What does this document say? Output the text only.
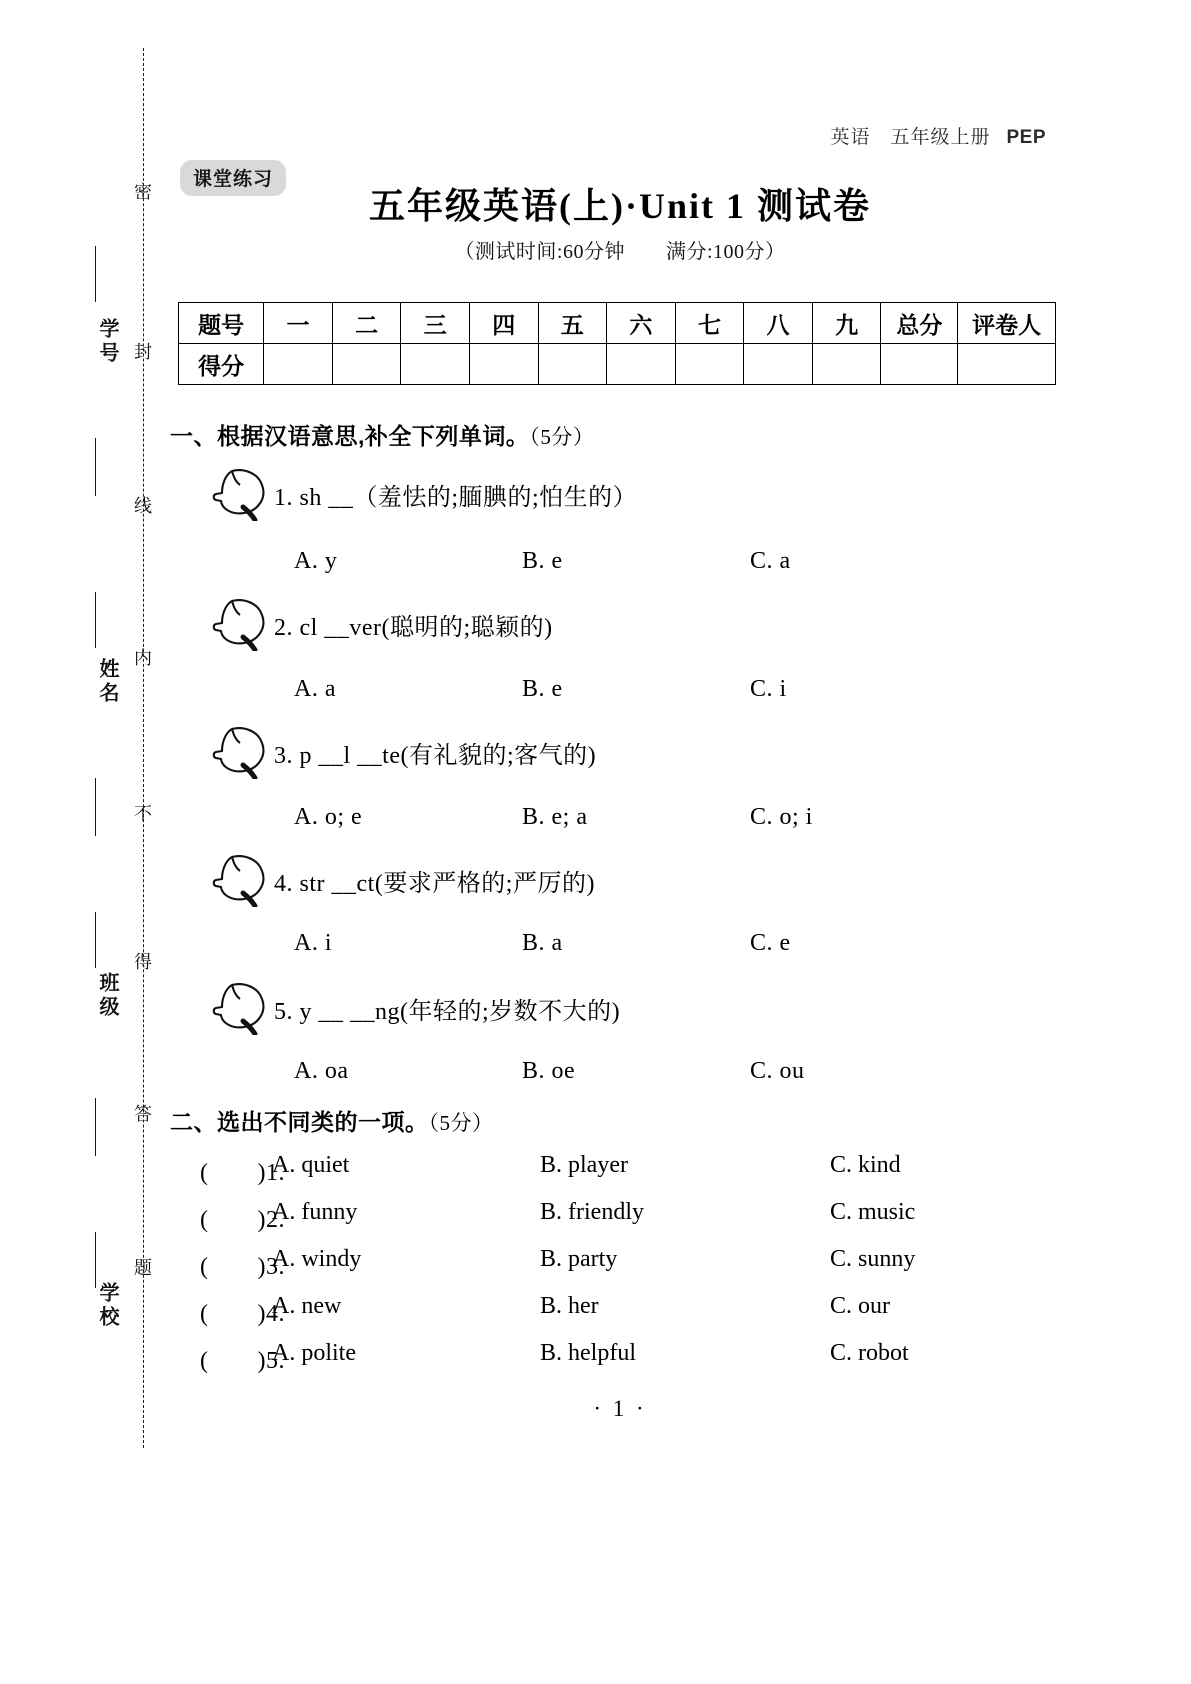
密
封
线
内
不
得
答
题
学号
姓名
班级
学校
英语　五年级上册 PEP
课堂练习
五年级英语(上)·Unit 1 测试卷
（测试时间:60分钟　　满分:100分）
题号	一	二	三	四	五	六	七	八	九	总分	评卷人
得分											
一、根据汉语意思,补全下列单词。（5分）
1. sh __（羞怯的;腼腆的;怕生的）
A. y	B. e	C. a
2. cl __ver(聪明的;聪颖的)
A. a	B. e	C. i
3. p __l __te(有礼貌的;客气的)
A. o; e	B. e; a	C. o; i
4. str __ct(要求严格的;严厉的)
A. i	B. a	C. e
5. y __ __ng(年轻的;岁数不大的)
A. oa	B. oe	C. ou
二、选出不同类的一项。（5分）
(　　)1.
A. quiet	B. player	C. kind
(　　)2.
A. funny	B. friendly	C. music
(　　)3.
A. windy	B. party	C. sunny
(　　)4.
A. new	B. her	C. our
(　　)5.
A. polite	B. helpful	C. robot
· 1 ·
